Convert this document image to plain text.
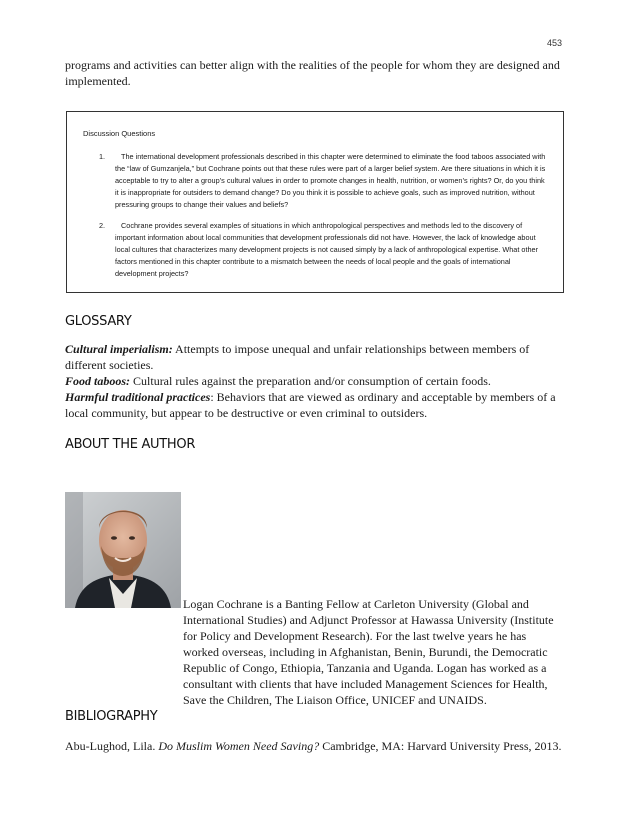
453

programs and activities can better align with the realities of the people for whom they are designed and implemented.

Discussion Questions

1.	The international development professionals described in this chapter were determined to eliminate the food taboos associated with the “law of Gumzanjela,” but Cochrane points out that these rules were part of a larger belief system. Are there situations in which it is acceptable to try to alter a group’s cultural values in order to promote changes in health, nutrition, or women’s rights? Or, do you think it is inappropriate for outsiders to demand change? Do you think it is possible to achieve goals, such as improved nutrition, without pressuring groups to change their values and beliefs?
2.	Cochrane provides several examples of situations in which anthropological perspectives and methods led to the discovery of important information about local communities that development professionals did not have. However, the lack of knowledge about local cultures that characterizes many development projects is not caused simply by a lack of anthropological expertise. What other factors mentioned in this chapter contribute to a mismatch between the needs of local people and the goals of international development projects?
GLOSSARY

Cultural imperialism: Attempts to impose unequal and unfair relationships between members of different societies.

Food taboos: Cultural rules against the preparation and/or consumption of certain foods.

Harmful traditional practices: Behaviors that are viewed as ordinary and acceptable by members of a local community, but appear to be destructive or even criminal to outsiders.

ABOUT THE AUTHOR

Logan Cochrane is a Banting Fellow at Carleton University (Global and International Studies) and Adjunct Professor at Hawassa University (Institute for Policy and Development Research). For the last twelve years he has worked overseas, including in Afghanistan, Benin, Burundi, the Democratic Republic of Congo, Ethiopia, Tanzania and Uganda. Logan has worked as a consultant with clients that have included Management Sciences for Health, Save the Children, The Liaison Office, UNICEF and UNAIDS.

BIBLIOGRAPHY

Abu-Lughod, Lila. Do Muslim Women Need Saving? Cambridge, MA: Harvard University Press, 2013.
